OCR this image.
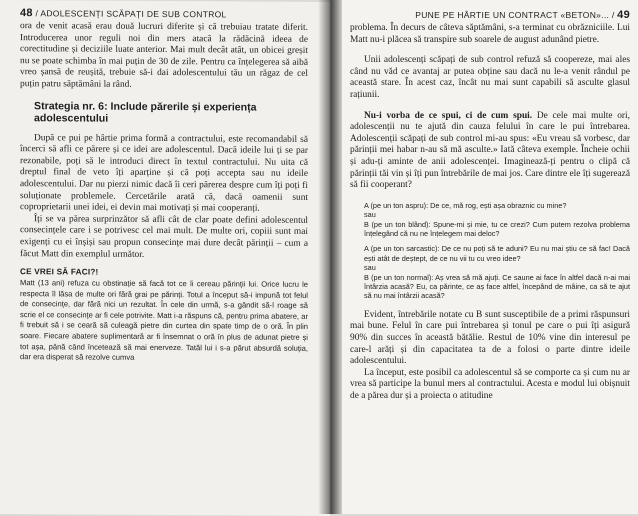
48 / ADOLESCENȚI SCĂPAȚI DE SUB CONTROL

ora de venit acasă erau două lucruri diferite și că trebuiau tratate diferit. Introducerea unor reguli noi din mers atacă la rădăcină ideea de corectitudine și deciziile luate anterior. Mai mult decât atât, un obicei greșit nu se poate schimba în mai puțin de 30 de zile. Pentru ca înțelegerea să aibă vreo șansă de reușită, trebuie să-i dai adolescentului tău un răgaz de cel puțin patru săptămâni la rând.

Strategia nr. 6: Include părerile și experiența adolescentului

După ce pui pe hârtie prima formă a contractului, este recomandabil să încerci să afli ce părere și ce idei are adolescentul. Dacă ideile lui ți se par rezonabile, poți să le introduci direct în textul contractului. Nu uita că dreptul final de veto îți aparține și că poți accepta sau nu ideile adolescentului. Dar nu pierzi nimic dacă îi ceri părerea despre cum îți poți fi soluționate problemele. Cercetările arată că, dacă oamenii sunt coproprietarii unei idei, ei devin mai motivați și mai cooperanți.

Îți se va părea surprinzător să afli cât de clar poate defini adolescentul consecințele care i se potrivesc cel mai mult. De multe ori, copiii sunt mai exigenți cu ei înșiși sau propun consecințe mai dure decât părinții – cum a făcut Matt din exemplul următor.

CE VREI SĂ FACI?!
Matt (13 ani) refuza cu obstinație să facă tot ce îi cereau părinții lui. Orice lucru le respecta îl lăsa de multe ori fără grai pe părinți. Totul a început să-i impună tot felul de consecințe, dar fără nici un rezultat. În cele din urmă, s-a gândit să-l roage să scrie el ce consecințe ar fi cele potrivite. Matt i-a răspuns că, pentru prima abatere, ar fi trebuit să i se ceară să culeagă pietre din curtea din spate timp de o oră. În plin soare. Fiecare abatere suplimentară ar fi însemnat o oră în plus de adunat pietre și tot așa, până când încetează să mai enerveze. Tatăl lui i s-a părut absurdă soluția, dar era disperat să rezolve cumva
PUNE PE HÂRTIE UN CONTRACT «BETON»... / 49

problema. În decurs de câteva săptămâni, s-a terminat cu obrăzniciile. Lui Matt nu-i plăcea să transpire sub soarele de august adunând pietre.

Unii adolescenți scăpați de sub control refuză să coopereze, mai ales când nu văd ce avantaj ar putea obține sau dacă nu le-a venit rândul pe această stare. În acest caz, încât nu mai sunt capabili să asculte glasul rațiunii.

Nu-i vorba de ce spui, ci de cum spui. De cele mai multe ori, adolescenții nu te ajută din cauza felului în care le pui întrebarea. Adolescenții scăpați de sub control mi-au spus: «Eu vreau să vorbesc, dar părinții mei habar n-au să mă asculte.» Iată câteva exemple. Încheie ochii și adu-ți aminte de anii adolescenței. Imaginează-ți pentru o clipă că părinții tăi vin și îți pun întrebările de mai jos. Care dintre ele îți sugerează să fii cooperant?

A (pe un ton aspru): De ce, mă rog, ești așa obraznic cu mine?

sau

B (pe un ton blând): Spune-mi și mie, tu ce crezi? Cum putem rezolva problema înțelegând că nu ne înțelegem mai deloc?

A (pe un ton sarcastic): De ce nu poți să te aduni? Eu nu mai știu ce să fac! Dacă ești atât de deștept, de ce nu vii tu cu vreo idee?

sau

B (pe un ton normal): Aș vrea să mă ajuți. Ce saune ai face în altfel dacă n-ai mai întârzia acasă? Eu, ca părinte, ce aș face altfel, începând de mâine, ca să te ajut să nu mai întârzii acasă?

Evident, întrebările notate cu B sunt susceptibile de a primi răspunsuri mai bune. Felul în care pui întrebarea și tonul pe care o pui îți asigură 90% din succes în această bătălie. Restul de 10% vine din interesul pe care-l arăți și din capacitatea ta de a folosi o parte dintre ideile adolescentului.

La început, este posibil ca adolescentul să se comporte ca și cum nu ar vrea să participe la bunul mers al contractului. Acesta e modul lui obișnuit de a părea dur și a proiecta o atitudine
